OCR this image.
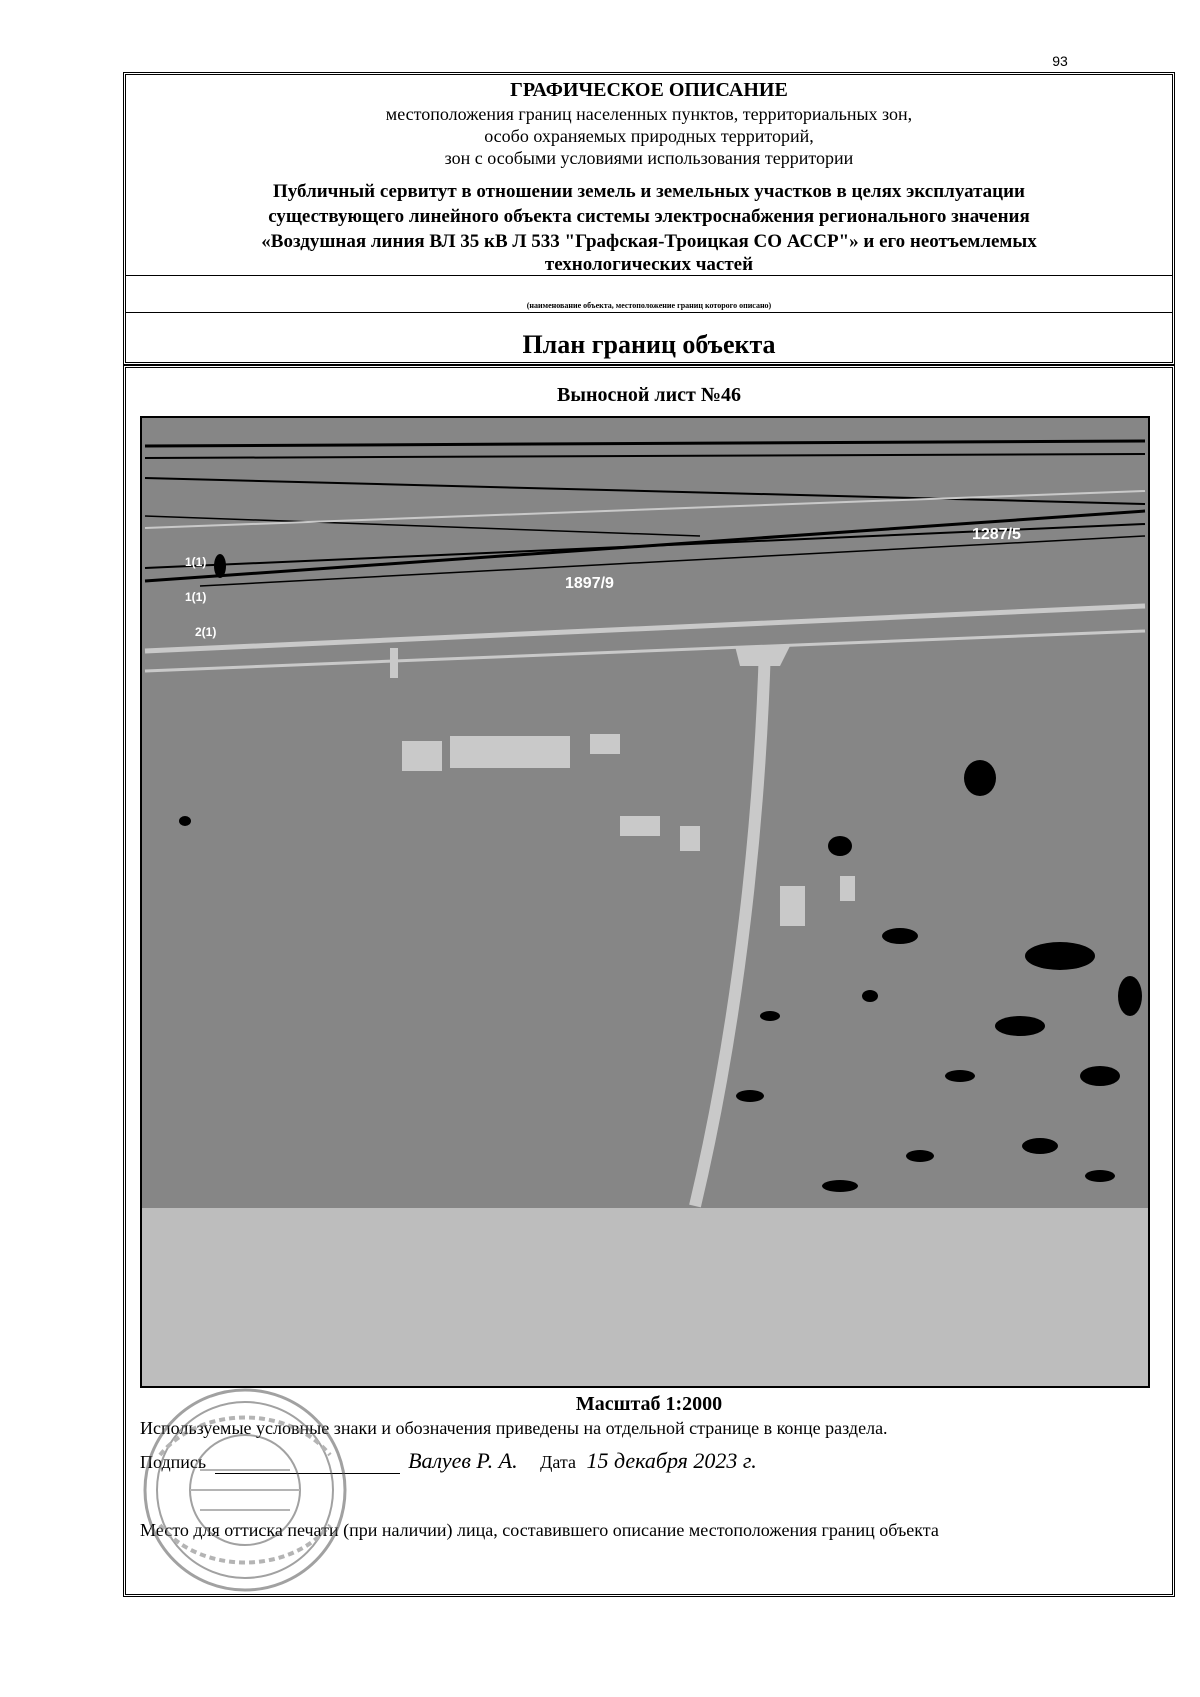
93
ГРАФИЧЕСКОЕ ОПИСАНИЕ
местоположения границ населенных пунктов, территориальных зон,
особо охраняемых природных территорий,
зон с особыми условиями использования территории
Публичный сервитут в отношении земель и земельных участков в целях эксплуатации
существующего линейного объекта системы электроснабжения регионального значения
«Воздушная линия ВЛ 35 кВ Л 533 "Графская-Троицкая СО АССР"» и его неотъемлемых
технологических частей
(наименование объекта, местоположение границ которого описано)
План границ объекта
Выносной лист №46
1897/9
1287/5
1(1)
1(1)
2(1)
Масштаб 1:2000
Используемые условные знаки и обозначения приведены на отдельной странице в конце раздела.
Подпись	Валуев Р. А. Дата 15 декабря 2023 г.
Место для оттиска печати (при наличии) лица, составившего описание местоположения границ объекта
